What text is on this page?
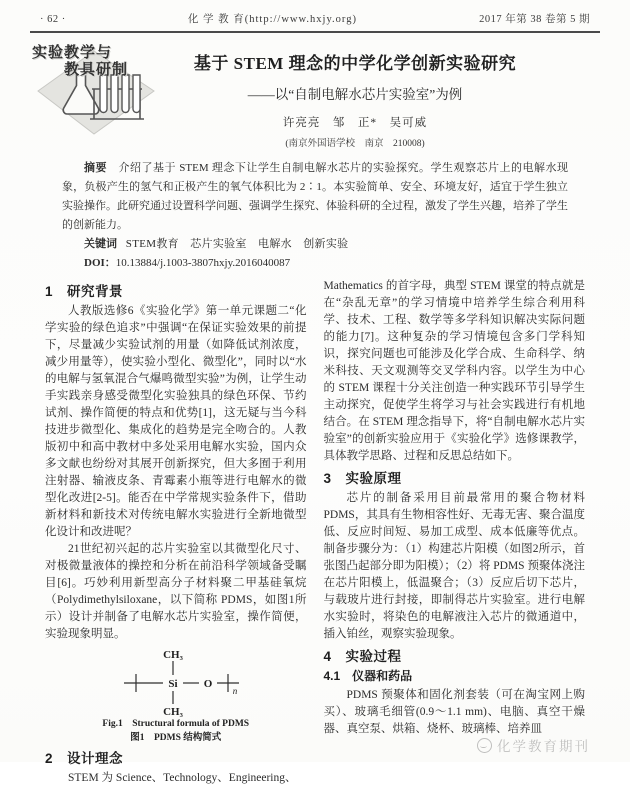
· 62 ·	化 学 教 育(http://www.hxjy.org)	2017 年第 38 卷第 5 期
实验教学与
教具研制	基于 STEM 理念的中学化学创新实验研究
——以“自制电解水芯片实验室”为例
许亮亮　邹　正*　吴可威
(南京外国语学校　南京　210008)
摘要　 介绍了基于 STEM 理念下让学生自制电解水芯片的实验探究。学生观察芯片上的电解水现象，负极产生的氢气和正极产生的氧气体积比为 2∶1。本实验简单、安全、环境友好，适宜于学生独立实验操作。此研究通过设置科学问题、强调学生探究、体验科研的全过程，激发了学生兴趣，培养了学生的创新能力。
关键词 STEM教育　芯片实验室　电解水　创新实验
DOI：10.13884/j.1003-3807hxjy.2016040087
1　研究背景

人教版选修6《实验化学》第一单元课题二“化学实验的绿色追求”中强调“在保证实验效果的前提下，尽量减少实验试剂的用量（如降低试剂浓度，减少用量等），使实验小型化、微型化”，同时以“水的电解与氢氧混合气爆鸣微型实验”为例，让学生动手实践亲身感受微型化实验独具的绿色环保、节约试剂、操作简便的特点和优势[1]，这无疑与当今科技进步微型化、集成化的趋势是完全吻合的。人教版初中和高中教材中多处采用电解水实验，国内众多文献也纷纷对其展开创新探究，但大多囿于利用注射器、输液皮条、青霉素小瓶等进行电解水的微型化改进[2-5]。能否在中学常规实验条件下，借助新材料和新技术对传统电解水实验进行全新地微型化设计和改进呢？

21世纪初兴起的芯片实验室以其微型化尺寸、对极微量液体的操控和分析在前沿科学领域备受瞩目[6]。巧妙利用新型高分子材料聚二甲基硅氧烷（Polydimethylsiloxane，以下简称 PDMS，如图1所示）设计并制备了电解水芯片实验室，操作简便，实验现象明显。

CH₃
Si O
n
CH₃
Fig.1　Structural formula of PDMS
图1　PDMS 结构简式
2　设计理念

STEM 为 Science、Technology、Engineering、

Mathematics 的首字母，典型 STEM 课堂的特点就是在“杂乱无章”的学习情境中培养学生综合利用科学、技术、工程、数学等多学科知识解决实际问题的能力[7]。这种复杂的学习情境包含多门学科知识，探究问题也可能涉及化学合成、生命科学、纳米科技、天文观测等交叉学科内容。以学生为中心的 STEM 课程十分关注创造一种实践环节引导学生主动探究，促使学生将学习与社会实践进行有机地结合。在 STEM 理念指导下，将“自制电解水芯片实验室”的创新实验应用于《实验化学》选修课教学，具体教学思路、过程和反思总结如下。

3　实验原理

芯片的制备采用目前最常用的聚合物材料 PDMS，其具有生物相容性好、无毒无害、聚合温度低、反应时间短、易加工成型、成本低廉等优点。制备步骤分为：（1）构建芯片阳模（如图2所示，首张图凸起部分即为阳模）；（2）将 PDMS 预聚体浇注在芯片阳模上，低温聚合；（3）反应后切下芯片，与载玻片进行封接，即制得芯片实验室。进行电解水实验时，将染色的电解液注入芯片的微通道中，插入铂丝，观察实验现象。

4　实验过程
4.1　仪器和药品

PDMS 预聚体和固化剂套装（可在淘宝网上购买）、玻璃毛细管(0.9～1.1 mm)、电脑、真空干燥器、真空泵、烘箱、烧杯、玻璃棒、培养皿

化学教育期刊
